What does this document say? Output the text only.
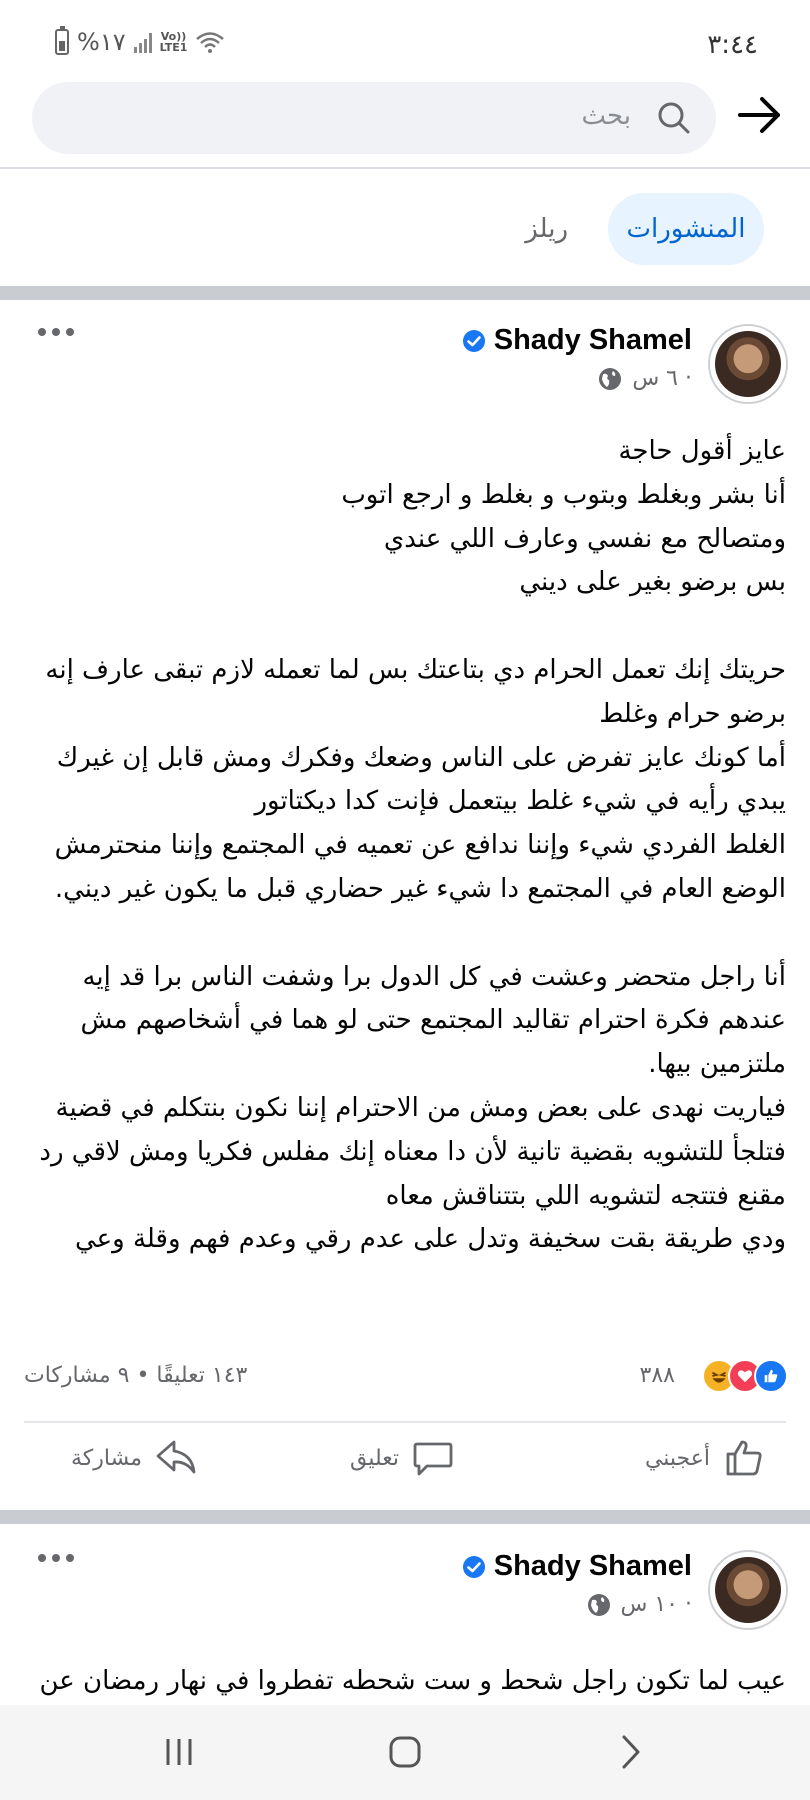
%١٧	Vo))
LTE1	٣:٤٤
بحث
المنشورات
ريلز
Shady Shamel
٦ س ·

عايز أقول حاجة

أنا بشر وبغلط وبتوب و بغلط و ارجع اتوب

ومتصالح مع نفسي وعارف اللي عندي

بس برضو بغير على ديني

حريتك إنك تعمل الحرام دي بتاعتك بس لما تعمله لازم تبقى عارف إنه برضو حرام وغلط

أما كونك عايز تفرض على الناس وضعك وفكرك ومش قابل إن غيرك يبدي رأيه في شيء غلط بيتعمل فإنت كدا ديكتاتور

الغلط الفردي شيء وإننا ندافع عن تعميه في المجتمع وإننا منحترمش الوضع العام في المجتمع دا شيء غير حضاري قبل ما يكون غير ديني.

أنا راجل متحضر وعشت في كل الدول برا وشفت الناس برا قد إيه عندهم فكرة احترام تقاليد المجتمع حتى لو هما في أشخاصهم مش ملتزمين بيها.

فياريت نهدى على بعض ومش من الاحترام إننا نكون بنتكلم في قضية فتلجأ للتشويه بقضية تانية لأن دا معناه إنك مفلس فكريا ومش لاقي رد مقنع فتتجه لتشويه اللي بتتناقش معاه

ودي طريقة بقت سخيفة وتدل على عدم رقي وعدم فهم وقلة وعي

٣٨٨
١٤٣ تعليقًا • ٩ مشاركات
أعجبني
تعليق
مشاركة
Shady Shamel
١٠ س ·

عيب لما تكون راجل شحط و ست شحطه تفطروا في نهار رمضان عن
